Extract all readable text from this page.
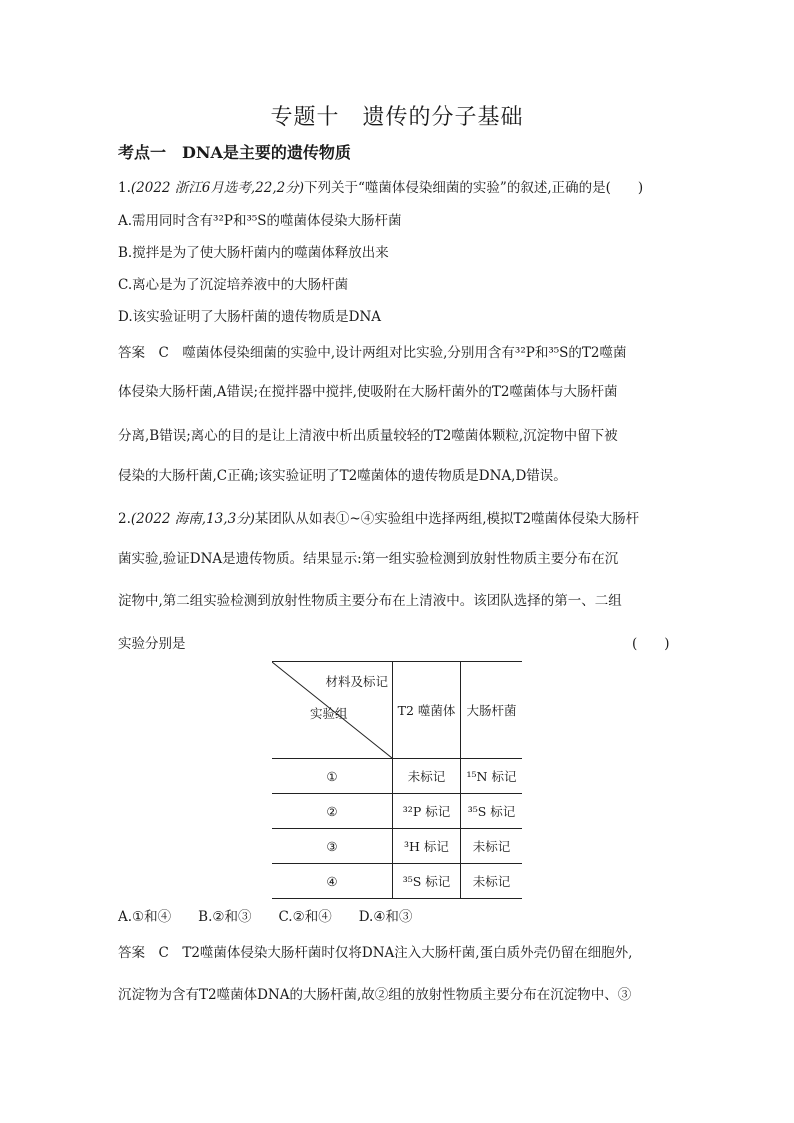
专题十　遗传的分子基础
考点一　DNA是主要的遗传物质
1.(2022 浙江6月选考,22,2分)下列关于“噬菌体侵染细菌的实验”的叙述,正确的是(　　)
A.需用同时含有³²P和³⁵S的噬菌体侵染大肠杆菌
B.搅拌是为了使大肠杆菌内的噬菌体释放出来
C.离心是为了沉淀培养液中的大肠杆菌
D.该实验证明了大肠杆菌的遗传物质是DNA
答案　C　噬菌体侵染细菌的实验中,设计两组对比实验,分别用含有³²P和³⁵S的T2噬菌
体侵染大肠杆菌,A错误;在搅拌器中搅拌,使吸附在大肠杆菌外的T2噬菌体与大肠杆菌
分离,B错误;离心的目的是让上清液中析出质量较轻的T2噬菌体颗粒,沉淀物中留下被
侵染的大肠杆菌,C正确;该实验证明了T2噬菌体的遗传物质是DNA,D错误。
2.(2022 海南,13,3分)某团队从如表①~④实验组中选择两组,模拟T2噬菌体侵染大肠杆
菌实验,验证DNA是遗传物质。结果显示:第一组实验检测到放射性物质主要分布在沉
淀物中,第二组实验检测到放射性物质主要分布在上清液中。该团队选择的第一、二组
实验分别是	(　　)
材料及标记
实验组	T2 噬菌体	大肠杆菌
①	未标记	¹⁵N 标记
②	³²P 标记	³⁵S 标记
③	³H 标记	未标记
④	³⁵S 标记	未标记
A.①和④　　B.②和③　　C.②和④　　D.④和③
答案　C　T2噬菌体侵染大肠杆菌时仅将DNA注入大肠杆菌,蛋白质外壳仍留在细胞外,
沉淀物为含有T2噬菌体DNA的大肠杆菌,故②组的放射性物质主要分布在沉淀物中、③
